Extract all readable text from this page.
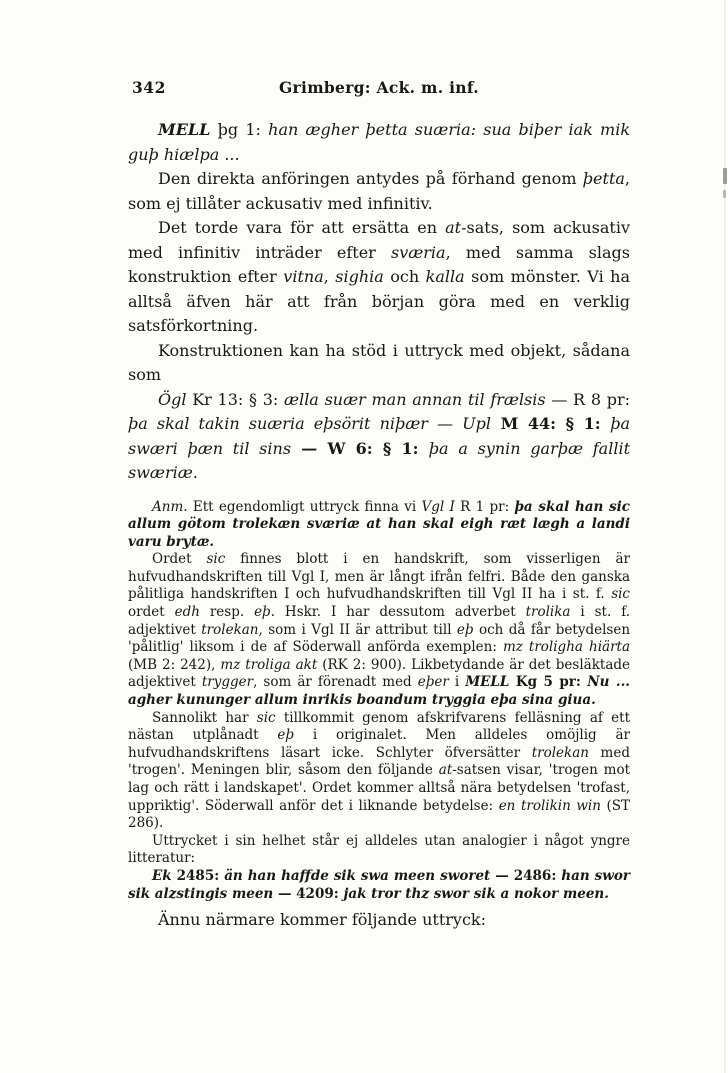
342	Grimberg: Ack. m. inf.

MELL þg 1: han ægher þetta suæria: sua biþer iak mik guþ hiælpa ...

Den direkta anföringen antydes på förhand genom þetta, som ej tillåter ackusativ med infinitiv.

Det torde vara för att ersätta en at-sats, som ackusativ med infinitiv inträder efter sværia, med samma slags konstruktion efter vitna, sighia och kalla som mönster. Vi ha alltså äfven här att från början göra med en verklig satsförkortning.

Konstruktionen kan ha stöd i uttryck med objekt, sådana som

Ögl Kr 13: § 3: ælla suær man annan til frælsis — R 8 pr: þa skal takin suæria eþsörit niþær — Upl M 44: § 1: þa swæri þæn til sins — W 6: § 1: þa a synin garþæ fallit swæriæ.

Anm. Ett egendomligt uttryck finna vi Vgl I R 1 pr: þa skal han sic allum götom trolekæn sværiæ at han skal eigh ræt lægh a landi varu brytæ.

Ordet sic finnes blott i en handskrift, som visserligen är hufvudhandskriften till Vgl I, men är långt ifrån felfri. Både den ganska pålitliga handskriften I och hufvudhandskriften till Vgl II ha i st. f. sic ordet edh resp. eþ. Hskr. I har dessutom adverbet trolika i st. f. adjektivet trolekan, som i Vgl II är attribut till eþ och då får betydelsen 'pålitlig' liksom i de af Söderwall anförda exemplen: mz troligha hiärta (MB 2: 242), mz troliga akt (RK 2: 900). Likbetydande är det besläktade adjektivet trygger, som är förenadt med eþer i MELL Kg 5 pr: Nu ... agher kununger allum inrikis boandum tryggia eþa sina giua.

Sannolikt har sic tillkommit genom afskrifvarens felläsning af ett nästan utplånadt eþ i originalet. Men alldeles omöjlig är hufvudhandskriftens läsart icke. Schlyter öfversätter trolekan med 'trogen'. Meningen blir, såsom den följande at-satsen visar, 'trogen mot lag och rätt i landskapet'. Ordet kommer alltså nära betydelsen 'trofast, uppriktig'. Söderwall anför det i liknande betydelse: en trolikin win (ST 286).

Uttrycket i sin helhet står ej alldeles utan analogier i något yngre litteratur:

Ek 2485: än han haffde sik swa meen sworet — 2486: han swor sik alzstingis meen — 4209: jak tror thz swor sik a nokor meen.

Ännu närmare kommer följande uttryck:
